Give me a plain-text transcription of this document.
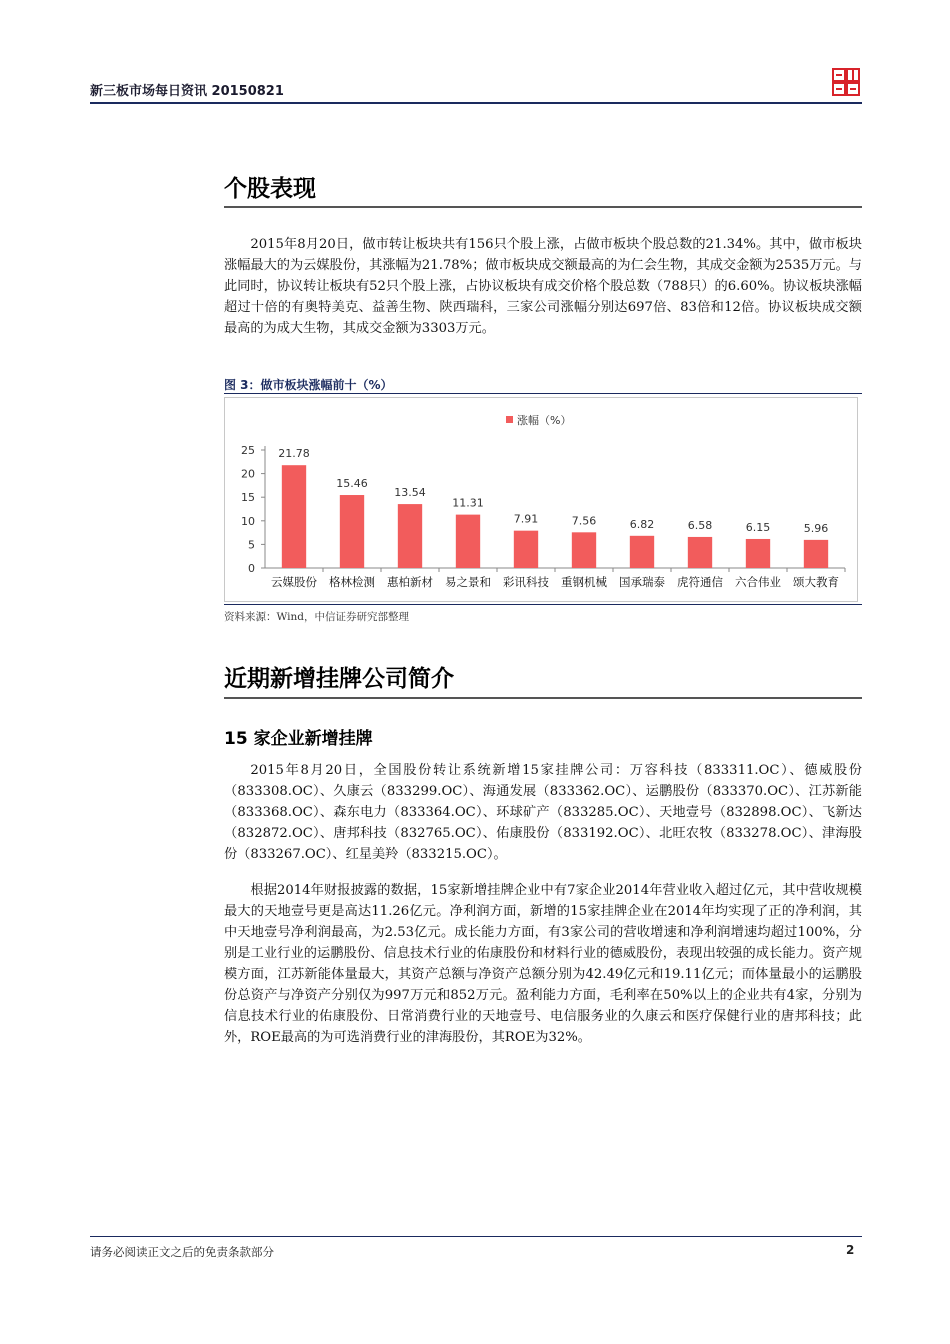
新三板市场每日资讯 20150821
个股表现

2015年8月20日，做市转让板块共有156只个股上涨，占做市板块个股总数的21.34%。其中，做市板块涨幅最大的为云媒股份，其涨幅为21.78%；做市板块成交额最高的为仁会生物，其成交金额为2535万元。与此同时，协议转让板块有52只个股上涨，占协议板块有成交价格个股总数（788只）的6.60%。协议板块涨幅超过十倍的有奥特美克、益善生物、陕西瑞科，三家公司涨幅分别达697倍、83倍和12倍。协议板块成交额最高的为成大生物，其成交金额为3303万元。

图 3：做市板块涨幅前十（%）
涨幅（%）
0
5
10
15
20
25 21.78
云媒股份
15.46
格林检测
13.54
惠柏新材
11.31
易之景和
7.91
彩讯科技
7.56
重钢机械
6.82
国承瑞泰
6.58
虎符通信
6.15
六合伟业
5.96
颂大教育
资料来源：Wind，中信证券研究部整理
近期新增挂牌公司简介
15 家企业新增挂牌

2015年8月20日，全国股份转让系统新增15家挂牌公司：万容科技（833311.OC）、德威股份（833308.OC）、久康云（833299.OC）、海通发展（833362.OC）、运鹏股份（833370.OC）、江苏新能（833368.OC）、森东电力（833364.OC）、环球矿产（833285.OC）、天地壹号（832898.OC）、飞新达（832872.OC）、唐邦科技（832765.OC）、佑康股份（833192.OC）、北旺农牧（833278.OC）、津海股份（833267.OC）、红星美羚（833215.OC）。

根据2014年财报披露的数据，15家新增挂牌企业中有7家企业2014年营业收入超过亿元，其中营收规模最大的天地壹号更是高达11.26亿元。净利润方面，新增的15家挂牌企业在2014年均实现了正的净利润，其中天地壹号净利润最高，为2.53亿元。成长能力方面，有3家公司的营收增速和净利润增速均超过100%，分别是工业行业的运鹏股份、信息技术行业的佑康股份和材料行业的德威股份，表现出较强的成长能力。资产规模方面，江苏新能体量最大，其资产总额与净资产总额分别为42.49亿元和19.11亿元；而体量最小的运鹏股份总资产与净资产分别仅为997万元和852万元。盈利能力方面，毛利率在50%以上的企业共有4家，分别为信息技术行业的佑康股份、日常消费行业的天地壹号、电信服务业的久康云和医疗保健行业的唐邦科技；此外，ROE最高的为可选消费行业的津海股份，其ROE为32%。

请务必阅读正文之后的免责条款部分	2
